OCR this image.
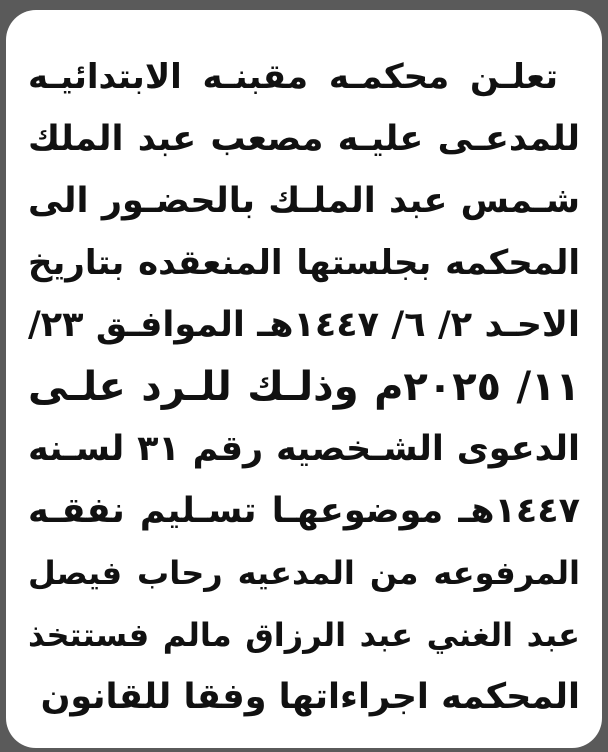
تعلـن محكمـه مقبنـه الابتدائيـه
للمدعـى عليـه مصعب عبد الملك
شـمس عبد الملـك بالحضـور الى
المحكمه بجلستها المنعقده بتاريخ
الاحـد ٢/ ٦/ ١٤٤٧هـ الموافـق ٢٣/
١١/ ٢٠٢٥م وذلـك للـرد علـى
الدعوى الشـخصيه رقم ٣١ لسـنه
١٤٤٧هـ موضوعهـا تسـليم نفقـه
المرفوعه من المدعيه رحاب فيصل
عبد الغني عبد الرزاق مالم فستتخذ
المحكمه اجراءاتها وفقا للقانون
